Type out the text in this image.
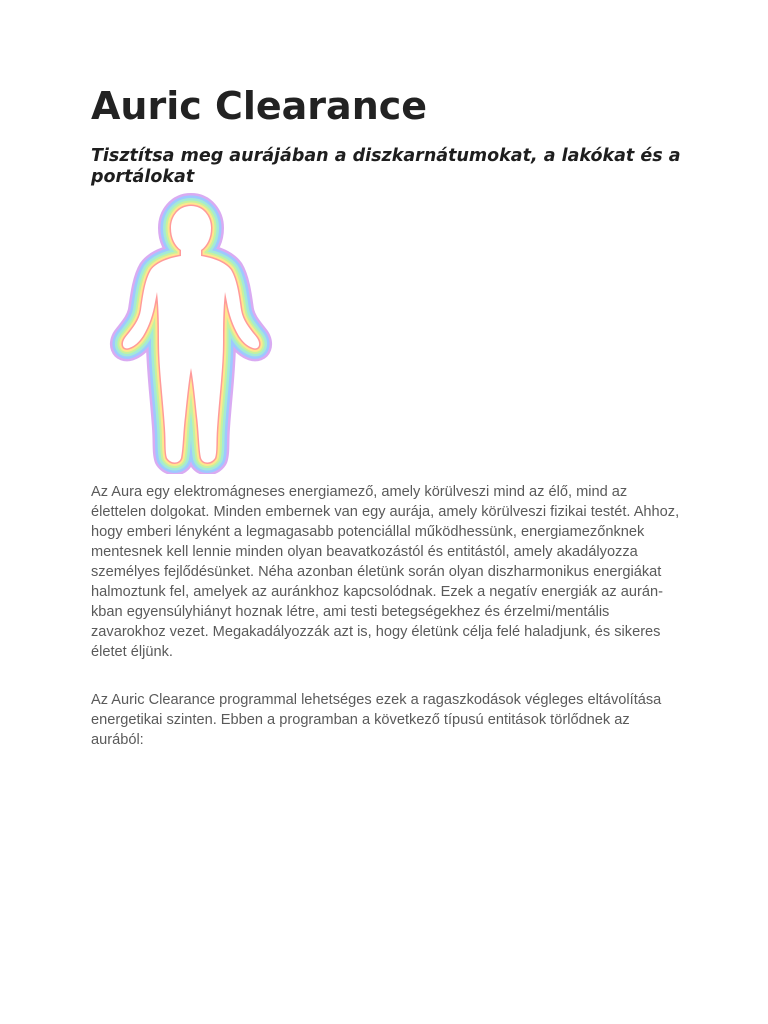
Auric Clearance
Tisztítsa meg aurájában a diszkarnátumokat, a lakókat és a portálokat

Az Aura egy elektromágneses energiamező, amely körülveszi mind az élő, mind az élettelen dolgokat. Minden embernek van egy aurája, amely körülveszi fizikai testét. Ahhoz, hogy emberi lényként a legmagasabb potenciállal működhessünk, energiamezőnknek mentesnek kell lennie minden olyan beavatkozástól és entitástól, amely akadályozza személyes fejlődésünket. Néha azonban életünk során olyan diszharmonikus energiákat halmoztunk fel, amelyek az auránkhoz kapcsolódnak. Ezek a negatív energiák az auránkban egyensúlyhiányt hoznak létre, ami testi betegségekhez és érzelmi/mentális zavarokhoz vezet. Megakadályozzák azt is, hogy életünk célja felé haladjunk, és sikeres életet éljünk.

Az Auric Clearance programmal lehetséges ezek a ragaszkodások végleges eltávolítása energetikai szinten. Ebben a programban a következő típusú entitások törlődnek az aurából:
